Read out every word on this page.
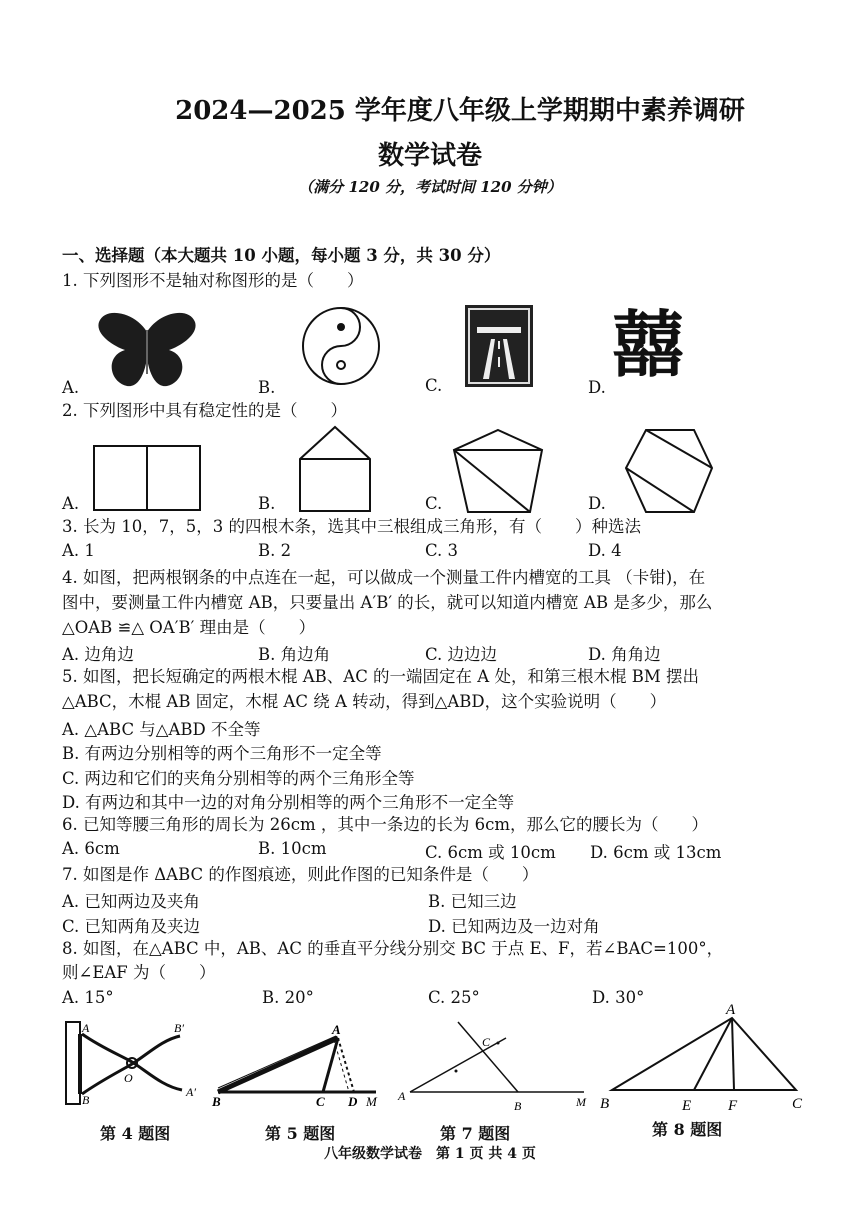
2024—2025 学年度八年级上学期期中素养调研
数学试卷
（满分 120 分，考试时间 120 分钟）
一、选择题（本大题共 10 小题，每小题 3 分，共 30 分）
1. 下列图形不是轴对称图形的是（　　）
A.	B.	C. 囍
D.
2. 下列图形中具有稳定性的是（　　）
A.	B.	C.	D.
3. 长为 10，7，5，3 的四根木条，选其中三根组成三角形，有（　　）种选法
A. 1	B. 2	C. 3	D. 4
4. 如图，把两根钢条的中点连在一起，可以做成一个测量工件内槽宽的工具 （卡钳)，在
图中，要测量工件内槽宽 AB，只要量出 A′B′ 的长，就可以知道内槽宽 AB 是多少，那么
△OAB ≌△ OA′B′ 理由是（　　）
A. 边角边	B. 角边角	C. 边边边	D. 角角边
5. 如图，把长短确定的两根木棍 AB、AC 的一端固定在 A 处，和第三根木棍 BM 摆出
△ABC，木棍 AB 固定，木棍 AC 绕 A 转动，得到△ABD，这个实验说明（　　）
A. △ABC 与△ABD 不全等
B. 有两边分别相等的两个三角形不一定全等
C. 两边和它们的夹角分别相等的两个三角形全等
D. 有两边和其中一边的对角分别相等的两个三角形不一定全等
6. 已知等腰三角形的周长为 26cm ，其中一条边的长为 6cm，那么它的腰长为（　　）
A. 6cm	B. 10cm	C. 6cm 或 10cm D. 6cm 或 13cm
7. 如图是作 ΔABC 的作图痕迹，则此作图的已知条件是（　　）
A. 已知两边及夹角	B. 已知三边
C. 已知两角及夹边	D. 已知两边及一边对角
8. 如图，在△ABC 中，AB、AC 的垂直平分线分别交 BC 于点 E、F，若∠BAC=100°，
则∠EAF 为（　　）
A. 15°	B. 20°	C. 25°	D. 30°
A
B
B′
O
A′
第 4 题图
A
B	C D M
第 5 题图
C
A
B	M
第 7 题图
A
B	E F	C
第 8 题图
八年级数学试卷　第 1 页 共 4 页
